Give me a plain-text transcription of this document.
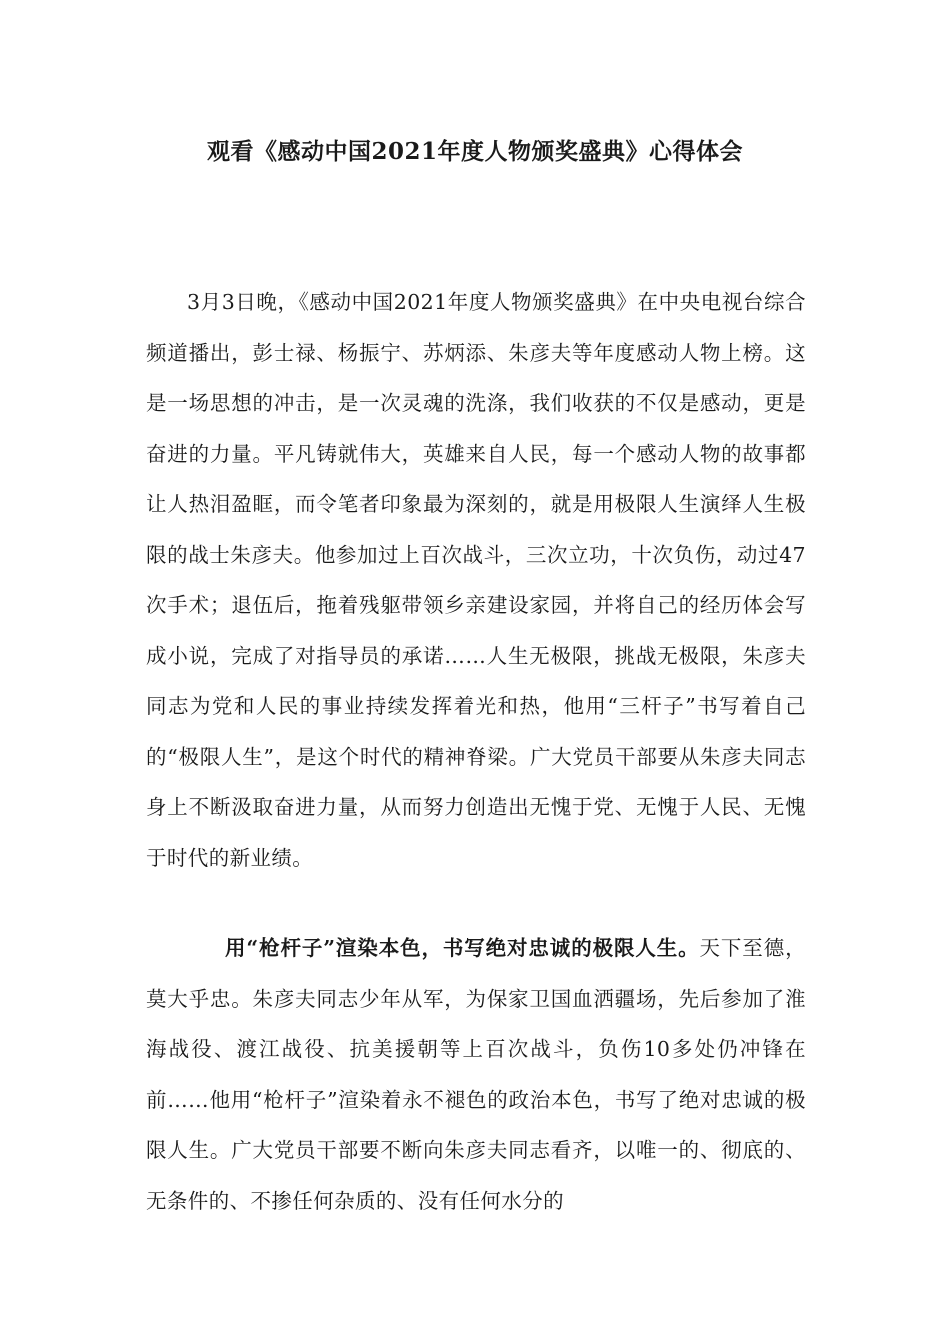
观看《感动中国2021年度人物颁奖盛典》心得体会

3月3日晚，《感动中国2021年度人物颁奖盛典》在中央电视台综合频道播出，彭士禄、杨振宁、苏炳添、朱彦夫等年度感动人物上榜。这是一场思想的冲击，是一次灵魂的洗涤，我们收获的不仅是感动，更是奋进的力量。平凡铸就伟大，英雄来自人民，每一个感动人物的故事都让人热泪盈眶，而令笔者印象最为深刻的，就是用极限人生演绎人生极限的战士朱彦夫。他参加过上百次战斗，三次立功，十次负伤，动过47次手术；退伍后，拖着残躯带领乡亲建设家园，并将自己的经历体会写成小说，完成了对指导员的承诺……人生无极限，挑战无极限，朱彦夫同志为党和人民的事业持续发挥着光和热，他用“三杆子”书写着自己的“极限人生”，是这个时代的精神脊梁。广大党员干部要从朱彦夫同志身上不断汲取奋进力量，从而努力创造出无愧于党、无愧于人民、无愧于时代的新业绩。

用“枪杆子”渲染本色，书写绝对忠诚的极限人生。天下至德，莫大乎忠。朱彦夫同志少年从军，为保家卫国血洒疆场，先后参加了淮海战役、渡江战役、抗美援朝等上百次战斗，负伤10多处仍冲锋在前……他用“枪杆子”渲染着永不褪色的政治本色，书写了绝对忠诚的极限人生。广大党员干部要不断向朱彦夫同志看齐，以唯一的、彻底的、无条件的、不掺任何杂质的、没有任何水分的
